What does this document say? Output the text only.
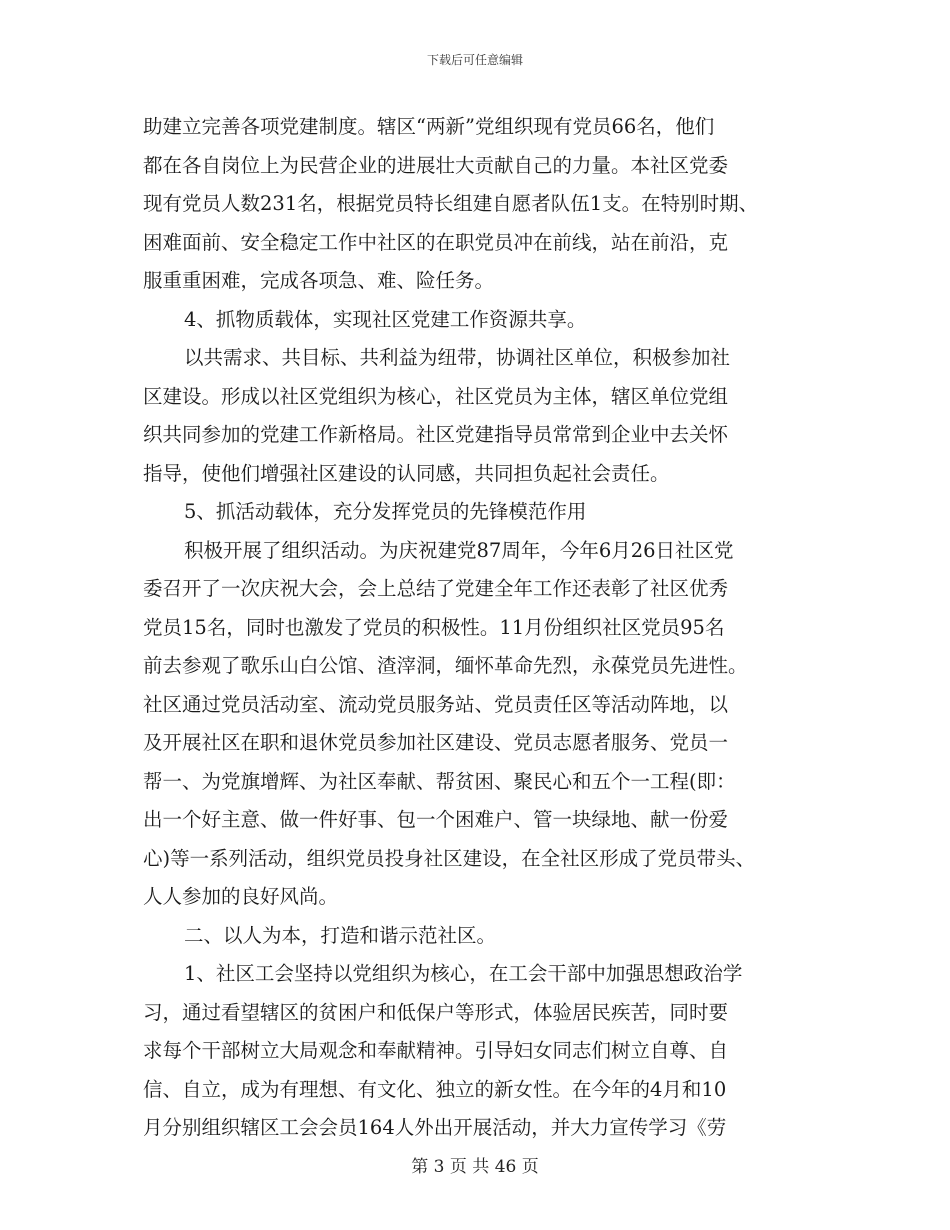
下载后可任意编辑
助建立完善各项党建制度。辖区“两新”党组织现有党员66名，他们
都在各自岗位上为民营企业的进展壮大贡献自己的力量。本社区党委
现有党员人数231名，根据党员特长组建自愿者队伍1支。在特别时期、
困难面前、安全稳定工作中社区的在职党员冲在前线，站在前沿，克
服重重困难，完成各项急、难、险任务。
4、抓物质载体，实现社区党建工作资源共享。
以共需求、共目标、共利益为纽带，协调社区单位，积极参加社
区建设。形成以社区党组织为核心，社区党员为主体，辖区单位党组
织共同参加的党建工作新格局。社区党建指导员常常到企业中去关怀
指导，使他们增强社区建设的认同感，共同担负起社会责任。
5、抓活动载体，充分发挥党员的先锋模范作用
积极开展了组织活动。为庆祝建党87周年，今年6月26日社区党
委召开了一次庆祝大会，会上总结了党建全年工作还表彰了社区优秀
党员15名，同时也激发了党员的积极性。11月份组织社区党员95名
前去参观了歌乐山白公馆、渣滓洞，缅怀革命先烈，永葆党员先进性。
社区通过党员活动室、流动党员服务站、党员责任区等活动阵地，以
及开展社区在职和退休党员参加社区建设、党员志愿者服务、党员一
帮一、为党旗增辉、为社区奉献、帮贫困、聚民心和五个一工程(即：
出一个好主意、做一件好事、包一个困难户、管一块绿地、献一份爱
心)等一系列活动，组织党员投身社区建设，在全社区形成了党员带头、
人人参加的良好风尚。
二、以人为本，打造和谐示范社区。
1、社区工会坚持以党组织为核心，在工会干部中加强思想政治学
习，通过看望辖区的贫困户和低保户等形式，体验居民疾苦，同时要
求每个干部树立大局观念和奉献精神。引导妇女同志们树立自尊、自
信、自立，成为有理想、有文化、独立的新女性。在今年的4月和10
月分别组织辖区工会会员164人外出开展活动，并大力宣传学习《劳
第 3 页 共 46 页
